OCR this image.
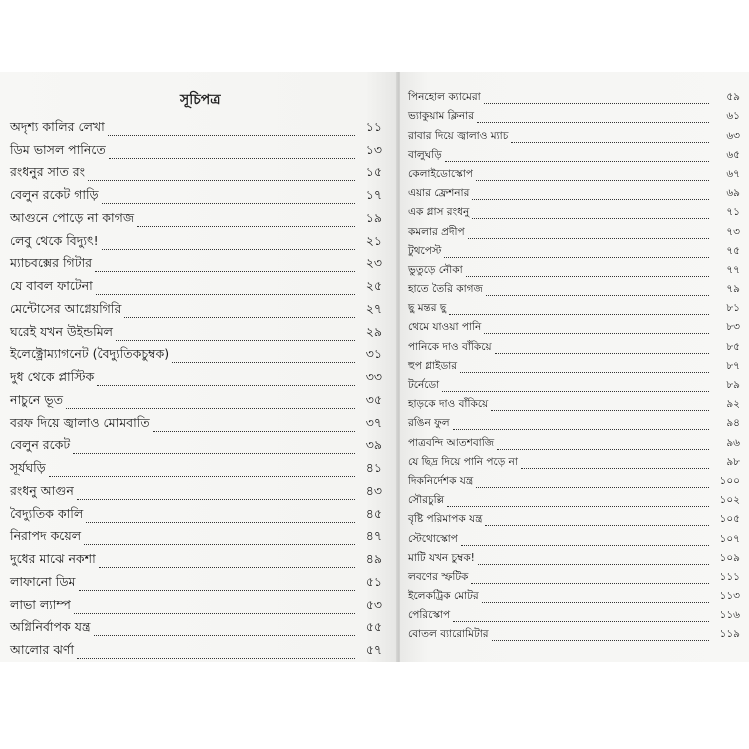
সূচিপত্র
অদৃশ্য কালির লেখা	১১
ডিম ভাসল পানিতে	১৩
রংধনুর সাত রং	১৫
বেলুন রকেট গাড়ি	১৭
আগুনে পোড়ে না কাগজ	১৯
লেবু থেকে বিদ্যুৎ!	২১
ম্যাচবক্সের গিটার	২৩
যে বাবল ফাটেনা	২৫
মেন্টোসের আগ্নেয়গিরি	২৭
ঘরেই যখন উইন্ডমিল	২৯
ইলেক্ট্রোম্যাগনেট (বৈদ্যুতিকচুম্বক)	৩১
দুধ থেকে প্লাস্টিক	৩৩
নাচুনে ভূত	৩৫
বরফ দিয়ে জ্বালাও মোমবাতি	৩৭
বেলুন রকেট	৩৯
সূর্যঘড়ি	৪১
রংধনু আগুন	৪৩
বৈদ্যুতিক কালি	৪৫
নিরাপদ কয়েল	৪৭
দুধের মাঝে নকশা	৪৯
লাফানো ডিম	৫১
লাভা ল্যাম্প	৫৩
অগ্নিনির্বাপক যন্ত্র	৫৫
আলোর ঝর্ণা	৫৭
পিনহোল ক্যামেরা	৫৯
ভ্যাকুয়াম ক্লিনার	৬১
রাবার দিয়ে জ্বালাও ম্যাচ	৬৩
বালুঘড়ি	৬৫
কেলাইডোস্কোপ	৬৭
এয়ার ফ্রেশনার	৬৯
এক গ্লাস রংধনু	৭১
কমলার প্রদীপ	৭৩
টুথপেস্ট	৭৫
ভুতুড়ে নৌকা	৭৭
হাতে তৈরি কাগজ	৭৯
ছু মন্তর ছু	৮১
থেমে যাওয়া পানি	৮৩
পানিকে দাও বাঁকিয়ে	৮৫
হুপ গ্লাইডার	৮৭
টর্নেডো	৮৯
হাড়কে দাও বাঁকিয়ে	৯২
রঙিন ফুল	৯৪
পাত্রবন্দি আতশবাজি	৯৬
যে ছিদ্র দিয়ে পানি পড়ে না	৯৮
দিকনির্দেশক যন্ত্র	১০০
সৌরচুল্লি	১০২
বৃষ্টি পরিমাপক যন্ত্র	১০৫
স্টেথোস্কোপ	১০৭
মাটি যখন চুম্বক!	১০৯
লবণের স্ফটিক	১১১
ইলেকট্রিক মোটর	১১৩
পেরিস্কোপ	১১৬
বোতল ব্যারোমিটার	১১৯
